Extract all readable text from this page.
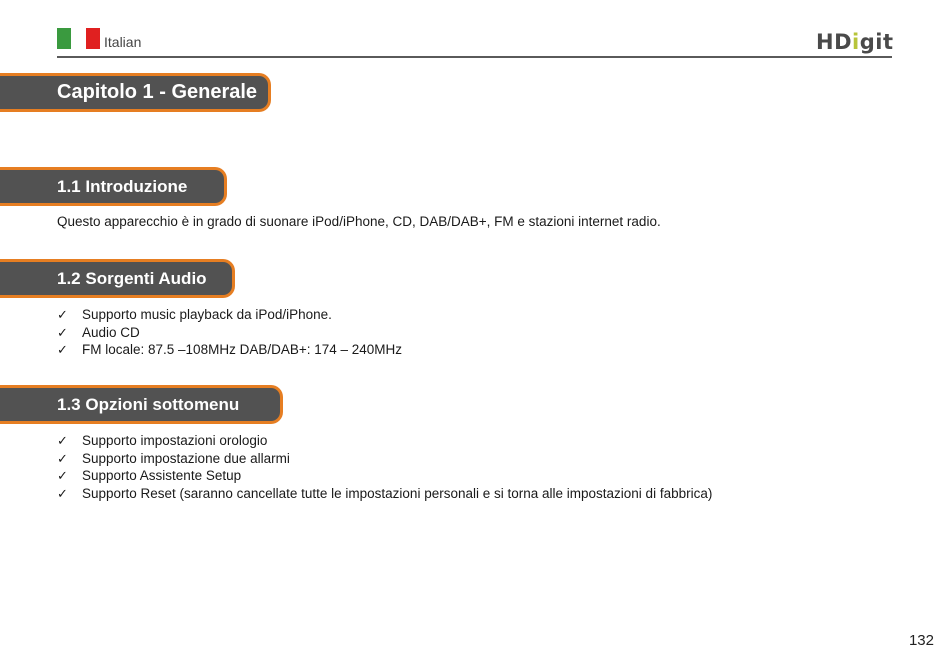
Italian	HDigit
Capitolo 1 - Generale
1.1 Introduzione
Questo apparecchio è in grado di suonare iPod/iPhone, CD, DAB/DAB+, FM e stazioni internet radio.
1.2 Sorgenti Audio
✓ Supporto music playback da iPod/iPhone.
✓ Audio CD
✓ FM locale: 87.5 –108MHz DAB/DAB+: 174 – 240MHz
1.3 Opzioni sottomenu
✓ Supporto impostazioni orologio
✓ Supporto impostazione due allarmi
✓ Supporto Assistente Setup
✓ Supporto Reset (saranno cancellate tutte le impostazioni personali e si torna alle impostazioni di fabbrica)
132
